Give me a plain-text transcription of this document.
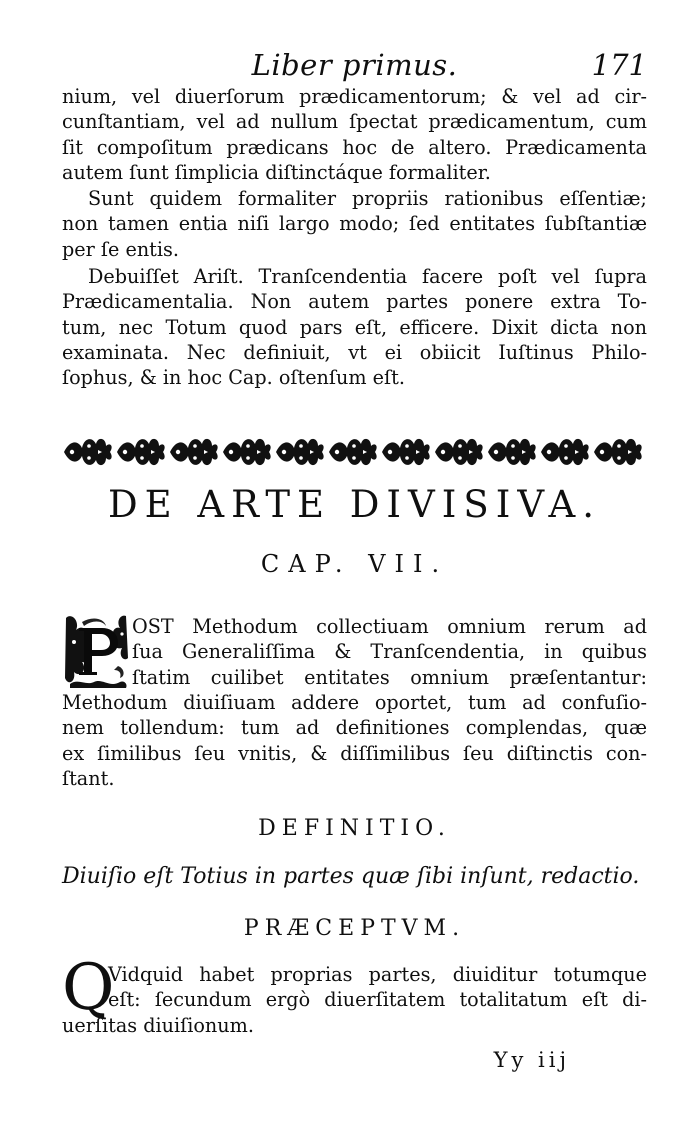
Liber primus.	171
nium, vel diuerſorum prædicamentorum; & vel ad cir-
cunſtantiam, vel ad nullum ſpectat prædicamentum, cum
ſit compoſitum prædicans hoc de altero. Prædicamenta
autem ſunt ſimplicia diſtinctáque formaliter.
Sunt quidem formaliter propriis rationibus eſſentiæ;
non tamen entia niſi largo modo; ſed entitates ſubſtantiæ
per ſe entis.
Debuiſſet Ariſt. Tranſcendentia facere poſt vel ſupra
Prædicamentalia. Non autem partes ponere extra To-
tum, nec Totum quod pars eſt, efficere. Dixit dicta non
examinata. Nec definiuit, vt ei obiicit Iuſtinus Philo-
ſophus, & in hoc Cap. oſtenſum eſt.
DE ARTE DIVISIVA.
CAP. VII.
OST Methodum collectiuam omnium rerum ad
ſua Generaliſſima & Tranſcendentia, in quibus
ſtatim cuilibet entitates omnium præſentantur:
Methodum diuiſiuam addere oportet, tum ad confuſio-
nem tollendum: tum ad definitiones complendas, quæ
ex ſimilibus ſeu vnitis, & diſſimilibus ſeu diſtinctis con-
ſtant.
DEFINITIO.
Diuiſio eſt Totius in partes quæ ſibi inſunt, redactio.
PRÆCEPTVM.
Q
Vidquid habet proprias partes, diuiditur totumque
eſt: ſecundum ergò diuerſitatem totalitatum eſt di-
uerſitas diuiſionum.
Yy iij
